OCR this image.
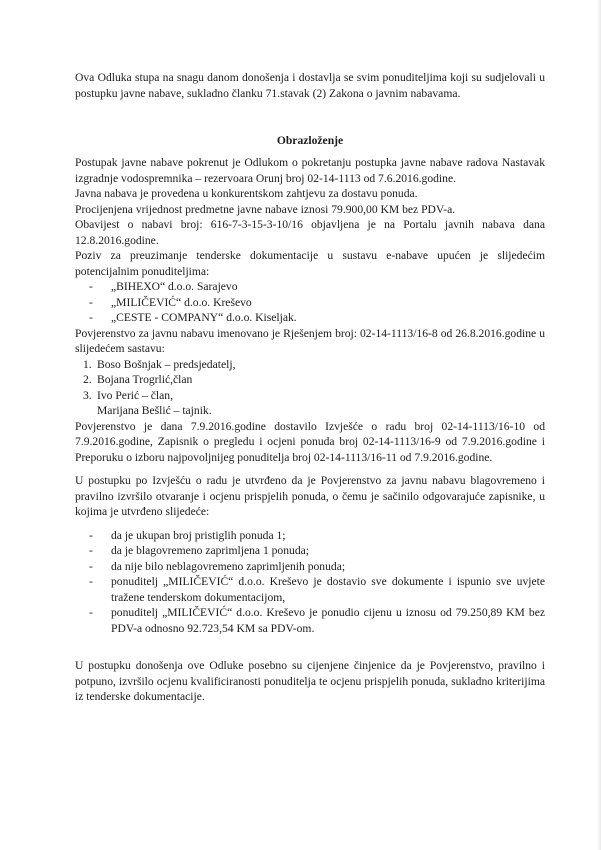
Ova Odluka stupa na snagu danom donošenja i dostavlja se svim ponuditeljima koji su sudjelovali u postupku javne nabave, sukladno članku 71.stavak (2) Zakona o javnim nabavama.

Obrazloženje

Postupak javne nabave pokrenut je Odlukom o pokretanju postupka javne nabave radova Nastavak izgradnje vodospremnika – rezervoara Orunj broj 02-14-1113 od 7.6.2016.godine.

Javna nabava je provedena u konkurentskom zahtjevu za dostavu ponuda.

Procijenjena vrijednost predmetne javne nabave iznosi 79.900,00 KM bez PDV-a.

Obavijest o nabavi broj: 616-7-3-15-3-10/16 objavljena je na Portalu javnih nabava dana 12.8.2016.godine.

Poziv za preuzimanje tenderske dokumentacije u sustavu e-nabave upućen je slijedećim potencijalnim ponuditeljima:

- „BIHEXO“ d.o.o. Sarajevo
- „MILIČEVIĆ“ d.o.o. Kreševo
- „CESTE - COMPANY“ d.o.o. Kiseljak.

Povjerenstvo za javnu nabavu imenovano je Rješenjem broj: 02-14-1113/16-8 od 26.8.2016.godine u slijedećem sastavu:

1. Boso Bošnjak – predsjedatelj,
2. Bojana Trogrlić,član
3. Ivo Perić – član,
Marijana Bešlić – tajnik.

Povjerenstvo je dana 7.9.2016.godine dostavilo Izvješće o radu broj 02-14-1113/16-10 od 7.9.2016.godine, Zapisnik o pregledu i ocjeni ponuda broj 02-14-1113/16-9 od 7.9.2016.godine i Preporuku o izboru najpovoljnijeg ponuditelja broj 02-14-1113/16-11 od 7.9.2016.godine.

U postupku po Izvješću o radu je utvrđeno da je Povjerenstvo za javnu nabavu blagovremeno i pravilno izvršilo otvaranje i ocjenu prispjelih ponuda, o čemu je sačinilo odgovarajuće zapisnike, u kojima je utvrđeno slijedeće:

- da je ukupan broj pristiglih ponuda 1;
- da je blagovremeno zaprimljena 1 ponuda;
- da nije bilo neblagovremeno zaprimljenih ponuda;
- ponuditelj „MILIČEVIĆ“ d.o.o. Kreševo je dostavio sve dokumente i ispunio sve uvjete tražene tenderskom dokumentacijom,
- ponuditelj „MILIČEVIĆ“ d.o.o. Kreševo je ponudio cijenu u iznosu od 79.250,89 KM bez PDV-a odnosno 92.723,54 KM sa PDV-om.

U postupku donošenja ove Odluke posebno su cijenjene činjenice da je Povjerenstvo, pravilno i potpuno, izvršilo ocjenu kvalificiranosti ponuditelja te ocjenu prispjelih ponuda, sukladno kriterijima iz tenderske dokumentacije.
